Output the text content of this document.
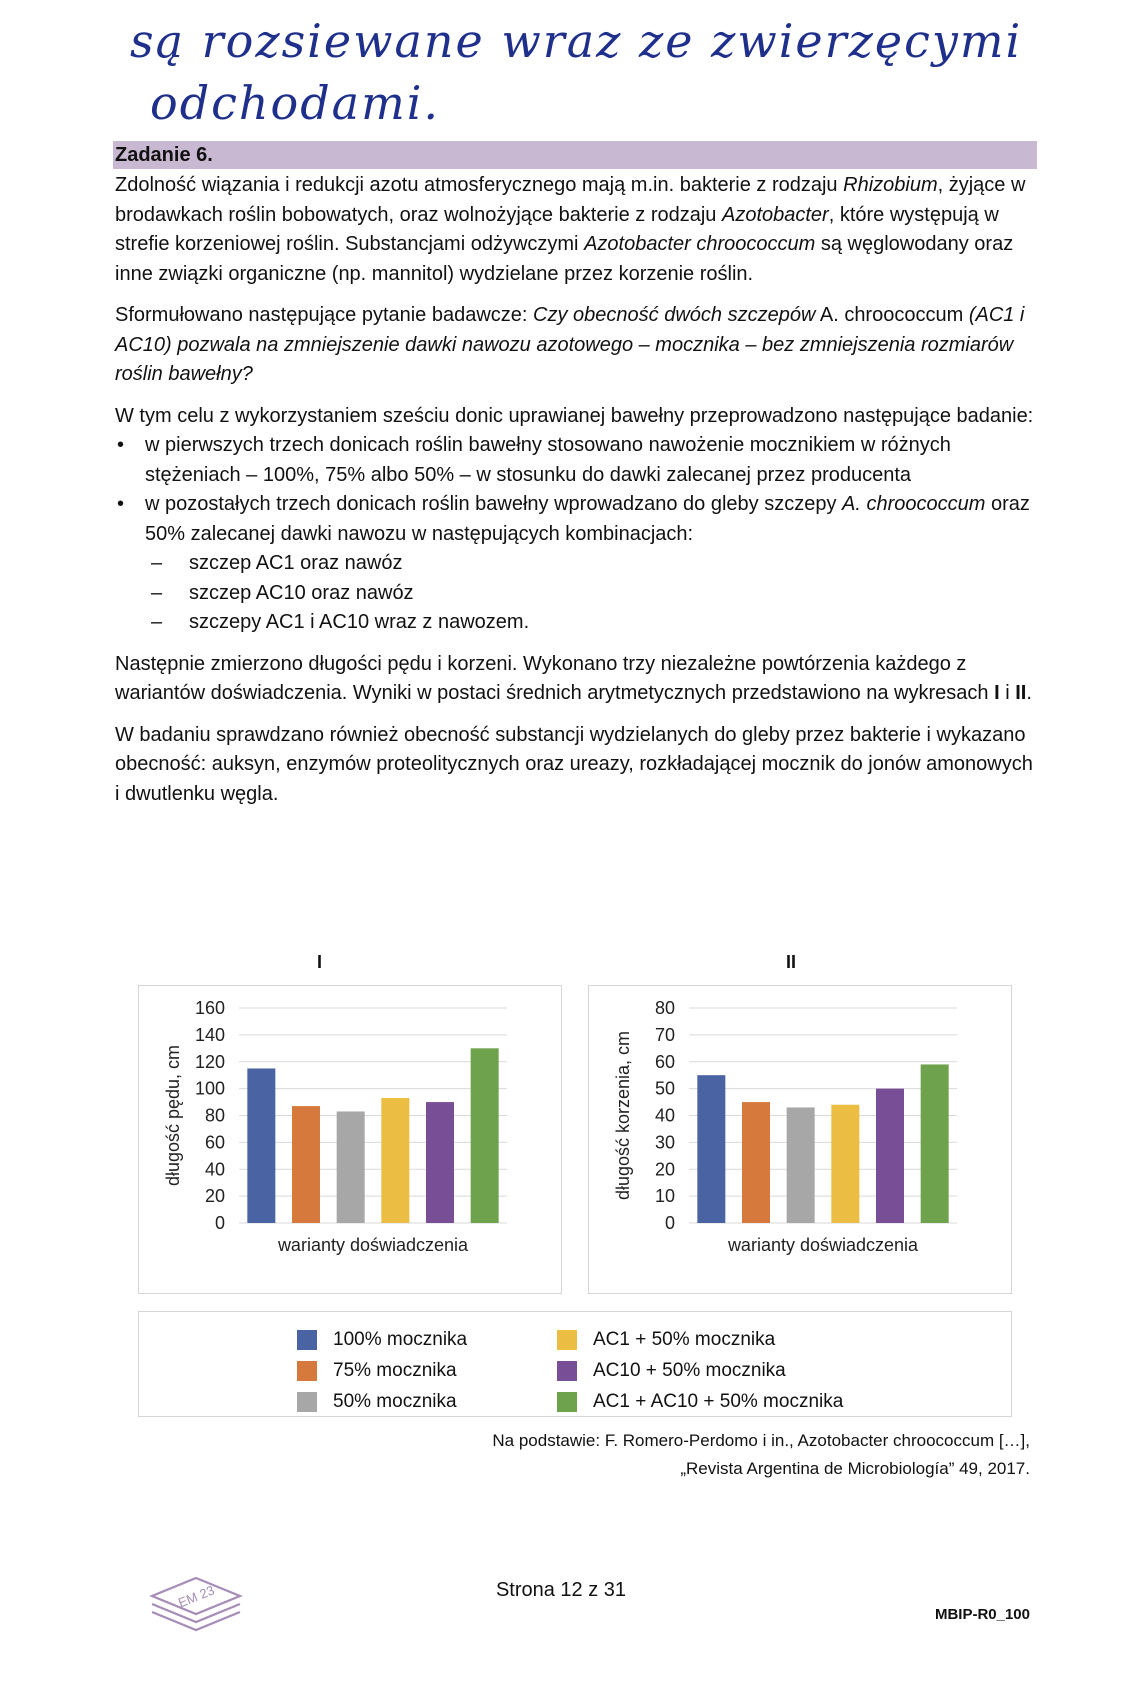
są rozsiewane wraz ze zwierzęcymi
odchodami.
Zadanie 6.

Zdolność wiązania i redukcji azotu atmosferycznego mają m.in. bakterie z rodzaju Rhizobium, żyjące w brodawkach roślin bobowatych, oraz wolnożyjące bakterie z rodzaju Azotobacter, które występują w strefie korzeniowej roślin. Substancjami odżywczymi Azotobacter chroococcum są węglowodany oraz inne związki organiczne (np. mannitol) wydzielane przez korzenie roślin.

Sformułowano następujące pytanie badawcze: Czy obecność dwóch szczepów A. chroococcum (AC1 i AC10) pozwala na zmniejszenie dawki nawozu azotowego – mocznika – bez zmniejszenia rozmiarów roślin bawełny?

W tym celu z wykorzystaniem sześciu donic uprawianej bawełny przeprowadzono następujące badanie:

• w pierwszych trzech donicach roślin bawełny stosowano nawożenie mocznikiem w różnych stężeniach – 100%, 75% albo 50% – w stosunku do dawki zalecanej przez producenta
• w pozostałych trzech donicach roślin bawełny wprowadzano do gleby szczepy A. chroococcum oraz 50% zalecanej dawki nawozu w następujących kombinacjach:
– szczep AC1 oraz nawóz
– szczep AC10 oraz nawóz
– szczepy AC1 i AC10 wraz z nawozem.

Następnie zmierzono długości pędu i korzeni. Wykonano trzy niezależne powtórzenia każdego z wariantów doświadczenia. Wyniki w postaci średnich arytmetycznych przedstawiono na wykresach I i II.

W badaniu sprawdzano również obecność substancji wydzielanych do gleby przez bakterie i wykazano obecność: auksyn, enzymów proteolitycznych oraz ureazy, rozkładającej mocznik do jonów amonowych i dwutlenku węgla.

I
0
20
40
60
80
100
120
140
160
warianty doświadczenia
długość pędu, cm
II
0
10
20
30
40
50
60
70
80
warianty doświadczenia
długość korzenia, cm
100% mocznika
75% mocznika
50% mocznika
AC1 + 50% mocznika
AC10 + 50% mocznika
AC1 + AC10 + 50% mocznika
Na podstawie: F. Romero-Perdomo i in., Azotobacter chroococcum […],
„Revista Argentina de Microbiología” 49, 2017.
EM 23	Strona 12 z 31
MBIP-R0_100
